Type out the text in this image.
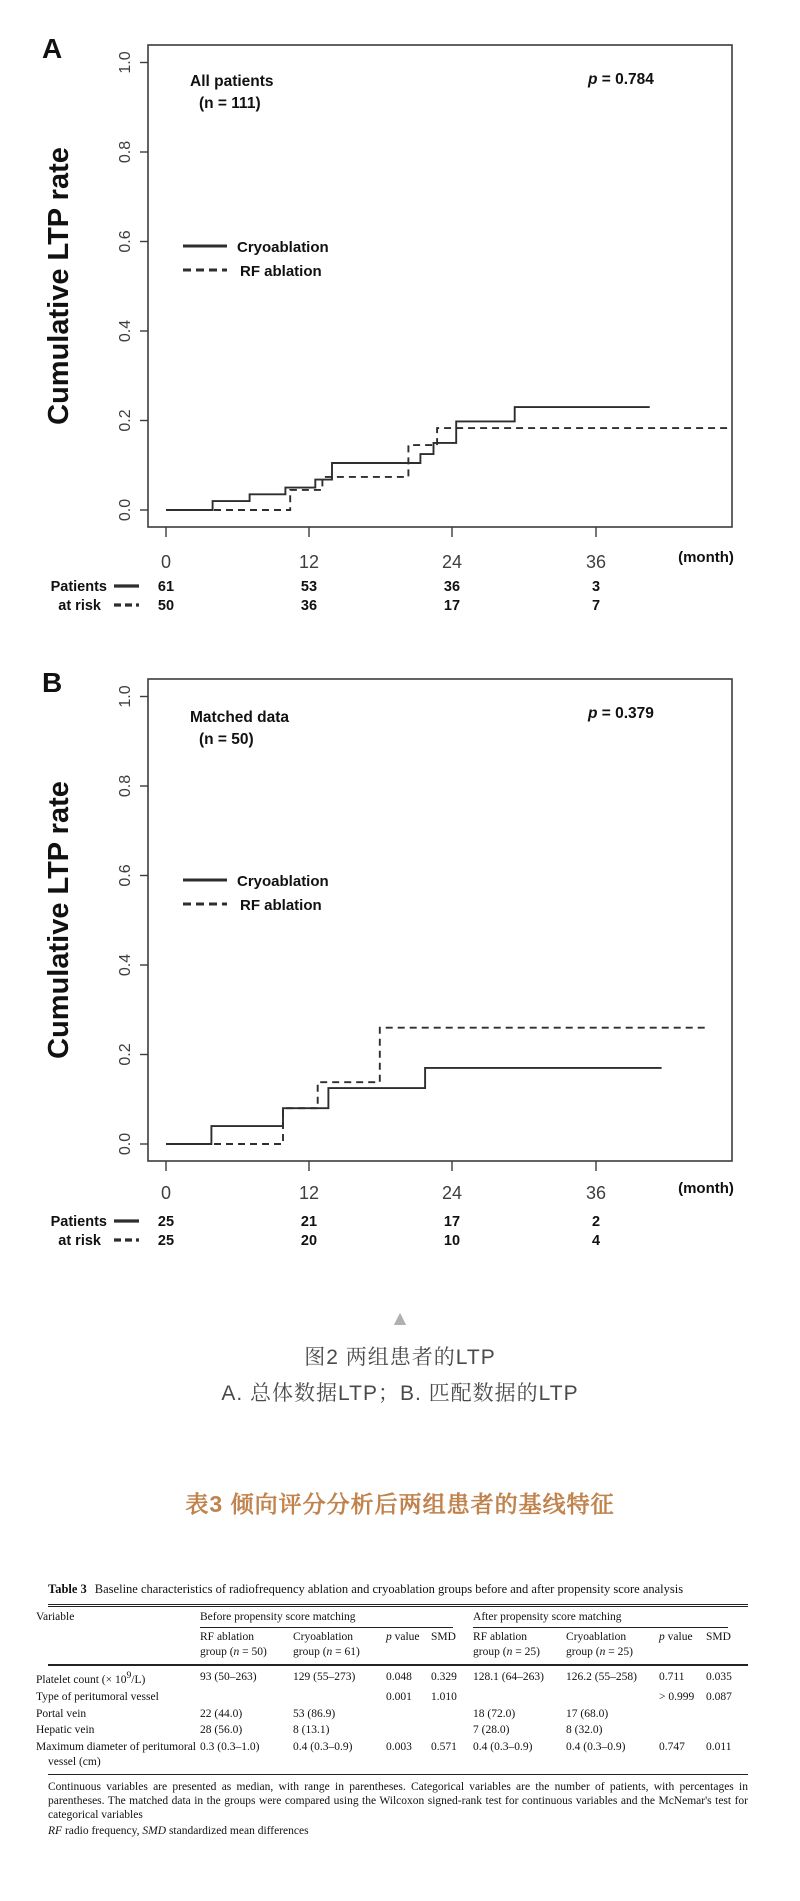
A
0.0
0.2
0.4
0.6
0.8
1.0
Cumulative LTP rate
0	12	24	36	(month)
All patients
(n = 111)
p = 0.784
Cryoablation
RF ablation
Patients
at risk
61	53	36	3
50	36	17	7
B
0.0
0.2
0.4
0.6
0.8
1.0
Cumulative LTP rate
0	12	24	36	(month)
Matched data
(n = 50)
p = 0.379
Cryoablation
RF ablation
Patients
at risk
25	21	17	2
25	20	10	4
▲
图2 两组患者的LTP
A. 总体数据LTP；B. 匹配数据的LTP
表3 倾向评分分析后两组患者的基线特征

Table 3 Baseline characteristics of radiofrequency ablation and cryoablation groups before and after propensity score analysis

Variable	Before propensity score matching				After propensity score matching			

	RF ablation
group (n = 50)	Cryoablation
group (n = 61)	p value	SMD	RF ablation
group (n = 25)	Cryoablation
group (n = 25)	p value	SMD
Platelet count (× $10^9/L$)	93 (50–263)	129 (55–273)	0.048	0.329	128.1 (64–263)	126.2 (55–258)	0.711	0.035
Type of peritumoral vessel			0.001	1.010			> 0.999	0.087
Portal vein	22 (44.0)	53 (86.9)			18 (72.0)	17 (68.0)		
Hepatic vein	28 (56.0)	8 (13.1)			7 (28.0)	8 (32.0)		
Maximum diameter of peritumoral vessel (cm)	0.3 (0.3–1.0)	0.4 (0.3–0.9)	0.003	0.571	0.4 (0.3–0.9)	0.4 (0.3–0.9)	0.747	0.011

Continuous variables are presented as median, with range in parentheses. Categorical variables are the number of patients, with percentages in parentheses. The matched data in the groups were compared using the Wilcoxon signed-rank test for continuous variables and the McNemar's test for categorical variables

RF radio frequency, SMD standardized mean differences
